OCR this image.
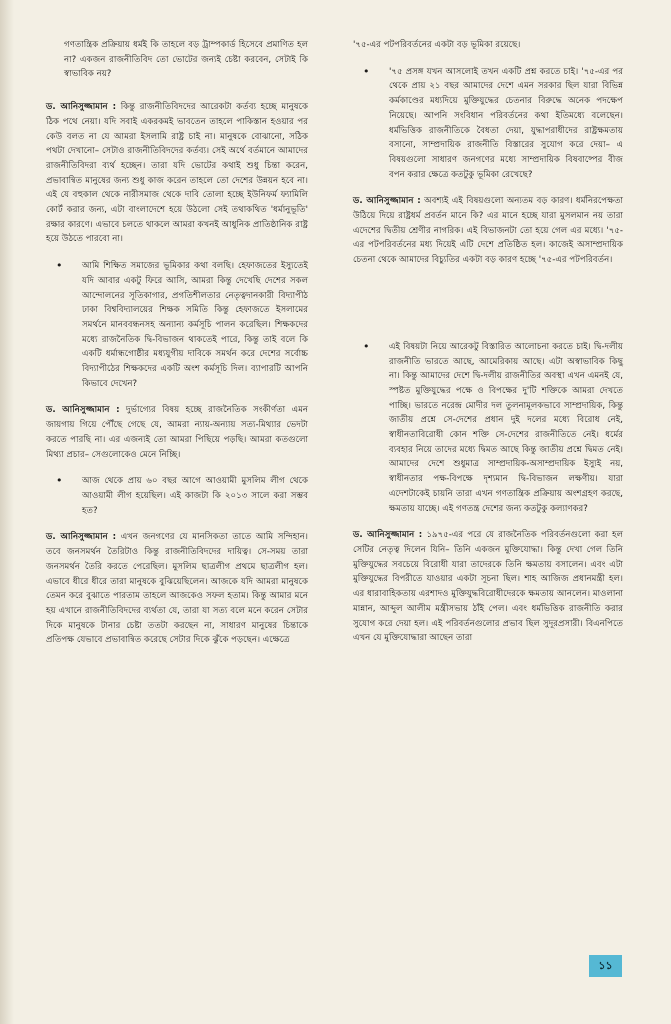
গণতান্ত্রিক প্রক্রিয়ায় ধর্মই কি তাহলে বড় ট্রাম্পকার্ড হিসেবে প্রমাণিত হল না? একজন রাজনীতিবিদ তো ভোটের জন্যই চেষ্টা করবেন, সেটাই কি স্বাভাবিক নয়?

ড. আনিসুজ্জামান : কিন্তু রাজনীতিবিদদের আরেকটা কর্তব্য হচ্ছে মানুষকে ঠিক পথে নেয়া। যদি সবাই একরকমই ভাবতেন তাহলে পাকিস্তান হওয়ার পর কেউ বলত না যে আমরা ইসলামি রাষ্ট্র চাই না। মানুষকে বোঝানো, সঠিক পথটা দেখানো– সেটাও রাজনীতিবিদদের কর্তব্য। সেই অর্থে বর্তমানে আমাদের রাজনীতিবিদরা ব্যর্থ হচ্ছেন। তারা যদি ভোটের কথাই শুধু চিন্তা করেন, প্রভাবান্বিত মানুষের জন্য শুধু কাজ করেন তাহলে তো দেশের উন্নয়ন হবে না। এই যে বহুকাল থেকে নারীসমাজ থেকে দাবি তোলা হচ্ছে ইউনিফর্ম ফ্যামিলি কোর্ট করার জন্য, এটা বাংলাদেশে হয়ে উঠলো সেই তথাকথিত 'ধর্মানুভূতি' রক্ষার কারণে। এভাবে চলতে থাকলে আমরা কখনই আধুনিক প্রাতিষ্ঠানিক রাষ্ট্র হয়ে উঠতে পারবো না।

• আমি শিক্ষিত সমাজের ভূমিকার কথা বলছি। হেফাজতের ইস্যুতেই যদি আবার একটু ফিরে আসি, আমরা কিন্তু দেখেছি দেশের সকল আন্দোলনের সূতিকাগার, প্রগতিশীলতার নেতৃত্বদানকারী বিদ্যাপীঠ ঢাকা বিশ্ববিদ্যালয়ের শিক্ষক সমিতি কিন্তু হেফাজতে ইসলামের সমর্থনে মানববন্ধনসহ অন্যান্য কর্মসূচি পালন করেছিল। শিক্ষকদের মধ্যে রাজনৈতিক দ্বি-বিভাজন থাকতেই পারে, কিন্তু তাই বলে কি একটি ধর্মান্ধগোষ্ঠীর মধ্যযুগীয় দাবিকে সমর্থন করে দেশের সর্বোচ্চ বিদ্যাপীঠের শিক্ষকদের একটি অংশ কর্মসূচি দিল। ব্যাপারটি আপনি কিভাবে দেখেন?

ড. আনিসুজ্জামান : দুর্ভাগ্যের বিষয় হচ্ছে রাজনৈতিক সংকীর্ণতা এমন জায়গায় গিয়ে পৌঁছে গেছে যে, আমরা ন্যায়-অন্যায় সত্য-মিথ্যার ভেদটা করতে পারছি না। এর এজন্যই তো আমরা পিছিয়ে পড়ছি। আমরা কতগুলো মিথ্যা প্রচার– সেগুলোকেও মেনে নিচ্ছি।

• আজ থেকে প্রায় ৬০ বছর আগে আওয়ামী মুসলিম লীগ থেকে আওয়ামী লীগ হয়েছিল। এই কাজটা কি ২০১৩ সালে করা সম্ভব হত?

ড. আনিসুজ্জামান : এখন জনগণের যে মানসিকতা তাতে আমি সন্দিহান। তবে জনসমর্থন তৈরিটাও কিন্তু রাজনীতিবিদদের দায়িত্ব। সে-সময় তারা জনসমর্থন তৈরি করতে পেরেছিল। মুসলিম ছাত্রলীগ প্রথমে ছাত্রলীগ হল। এভাবে ধীরে ধীরে তারা মানুষকে বুঝিয়েছিলেন। আজকে যদি আমরা মানুষকে তেমন করে বুঝাতে পারতাম তাহলে আজকেও সফল হতাম। কিন্তু আমার মনে হয় এখানে রাজনীতিবিদদের ব্যর্থতা যে, তারা যা সত্য বলে মনে করেন সেটার দিকে মানুষকে টানার চেষ্টা ততটা করছেন না, সাধারণ মানুষের চিন্তাকে প্রতিপক্ষ যেভাবে প্রভাবান্বিত করেছে সেটার দিকে ঝুঁকে পড়ছেন। এক্ষেত্রে

'৭৫-এর পটপরিবর্তনের একটা বড় ভূমিকা রয়েছে।

• '৭৫ প্রসঙ্গ যখন আসলোই তখন একটি প্রশ্ন করতে চাই। '৭৫-এর পর থেকে প্রায় ২১ বছর আমাদের দেশে এমন সরকার ছিল যারা বিভিন্ন কর্মকাণ্ডের মধ্যদিয়ে মুক্তিযুদ্ধের চেতনার বিরুদ্ধে অনেক পদক্ষেপ নিয়েছে। আপনি সংবিধান পরিবর্তনের কথা ইতিমধ্যে বলেছেন। ধর্মভিত্তিক রাজনীতিকে বৈধতা দেয়া, যুদ্ধাপরাধীদের রাষ্ট্রক্ষমতায় বসানো, সাম্প্রদায়িক রাজনীতি বিস্তারের সুযোগ করে দেয়া– এ বিষয়গুলো সাধারণ জনগণের মধ্যে সাম্প্রদায়িক বিষবাষ্পের বীজ বপন করার ক্ষেত্রে কতটুকু ভূমিকা রেখেছে?

ড. আনিসুজ্জামান : অবশ্যই এই বিষয়গুলো অন্যতম বড় কারণ। ধর্মনিরপেক্ষতা উঠিয়ে দিয়ে রাষ্ট্রধর্ম প্রবর্তন মানে কি? এর মানে হচ্ছে যারা মুসলমান নয় তারা এদেশের দ্বিতীয় শ্রেণীর নাগরিক। এই বিভাজনটা তো হয়ে গেল এর মধ্যে। '৭৫-এর পটপরিবর্তনের মধ্য দিয়েই এটি দেশে প্রতিষ্ঠিত হল। কাজেই অসাম্প্রদায়িক চেতনা থেকে আমাদের বিচ্যুতির একটা বড় কারণ হচ্ছে '৭৫-এর পটপরিবর্তন।

• এই বিষয়টা নিয়ে আরেকটু বিস্তারিত আলোচনা করতে চাই। দ্বি-দলীয় রাজনীতি ভারতে আছে, আমেরিকায় আছে। এটা অস্বাভাবিক কিছু না। কিন্তু আমাদের দেশে দ্বি-দলীয় রাজনীতির অবস্থা এখন এমনই যে, স্পষ্টত মুক্তিযুদ্ধের পক্ষে ও বিপক্ষের দু'টি শক্তিকে আমরা দেখতে পাচ্ছি। ভারতে নরেন্দ্র মোদীর দল তুলনামূলকভাবে সাম্প্রদায়িক, কিন্তু জাতীয় প্রশ্নে সে-দেশের প্রধান দুই দলের মধ্যে বিরোধ নেই, স্বাধীনতাবিরোধী কোন শক্তি সে-দেশের রাজনীতিতে নেই। ধর্মের ব্যবহার নিয়ে তাদের মধ্যে দ্বিমত আছে কিন্তু জাতীয় প্রশ্নে দ্বিমত নেই। আমাদের দেশে শুধুমাত্র সাম্প্রদায়িক-অসাম্প্রদায়িক ইস্যুই নয়, স্বাধীনতার পক্ষ-বিপক্ষে দৃশ্যমান দ্বি-বিভাজন লক্ষণীয়। যারা এদেশটাকেই চায়নি তারা এখন গণতান্ত্রিক প্রক্রিয়ায় অংশগ্রহণ করছে, ক্ষমতায় যাচ্ছে। এই গণতন্ত্র দেশের জন্য কতটুকু কল্যাণকর?

ড. আনিসুজ্জামান : ১৯৭৫-এর পরে যে রাজনৈতিক পরিবর্তনগুলো করা হল সেটির নেতৃত্ব দিলেন যিনি– তিনি একজন মুক্তিযোদ্ধা। কিন্তু দেখা গেল তিনি মুক্তিযুদ্ধের সবচেয়ে বিরোধী যারা তাদেরকে তিনি ক্ষমতায় বসালেন। এবং এটা মুক্তিযুদ্ধের বিপরীতে যাওয়ার একটা সূচনা ছিল। শাহ আজিজ প্রধানমন্ত্রী হল। এর ধারাবাহিকতায় এরশাদও মুক্তিযুদ্ধবিরোধীদেরকে ক্ষমতায় আনলেন। মাওলানা মান্নান, আব্দুল আলীম মন্ত্রীসভায় ঠাঁই পেল। এবং ধর্মভিত্তিক রাজনীতি করার সুযোগ করে দেয়া হল। এই পরিবর্তনগুলোর প্রভাব ছিল সুদূরপ্রসারী। বিএনপিতে এখন যে মুক্তিযোদ্ধারা আছেন তারা

১১
